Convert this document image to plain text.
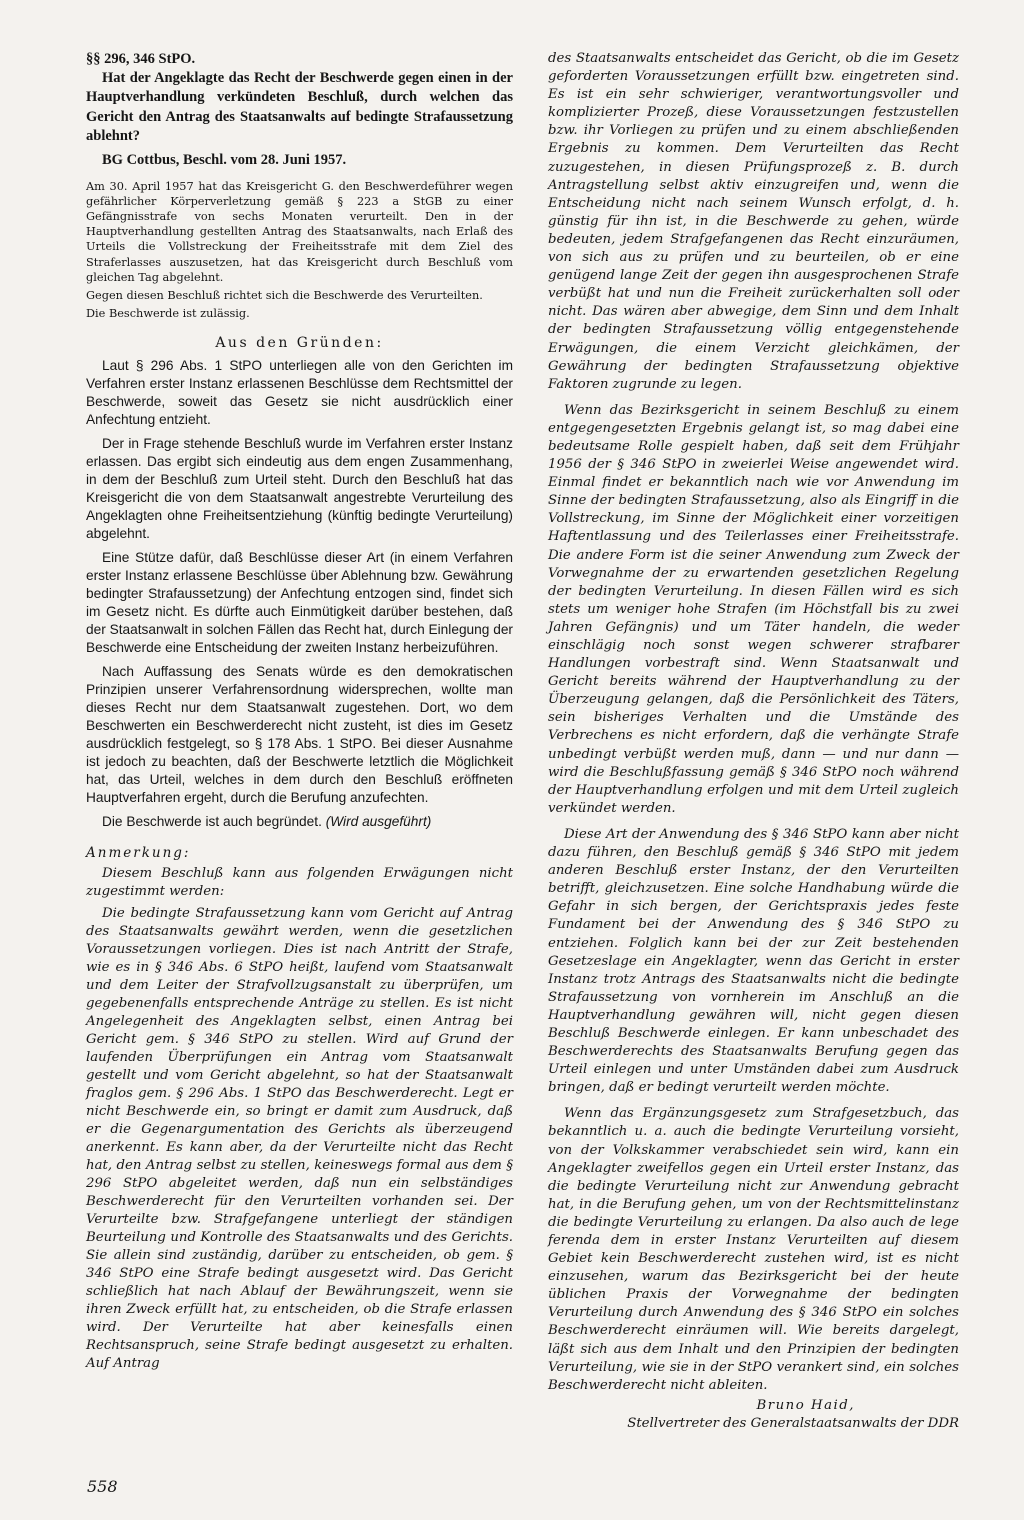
§§ 296, 346 StPO.

Hat der Angeklagte das Recht der Beschwerde gegen einen in der Hauptverhandlung verkündeten Beschluß, durch welchen das Gericht den Antrag des Staatsanwalts auf bedingte Strafaussetzung ablehnt?

BG Cottbus, Beschl. vom 28. Juni 1957.

Am 30. April 1957 hat das Kreisgericht G. den Beschwerdeführer wegen gefährlicher Körperverletzung gemäß § 223 a StGB zu einer Gefängnisstrafe von sechs Monaten verurteilt. Den in der Hauptverhandlung gestellten Antrag des Staatsanwalts, nach Erlaß des Urteils die Vollstreckung der Freiheitsstrafe mit dem Ziel des Straferlasses auszusetzen, hat das Kreisgericht durch Beschluß vom gleichen Tag abgelehnt.

Gegen diesen Beschluß richtet sich die Beschwerde des Verurteilten.

Die Beschwerde ist zulässig.

Aus den Gründen:

Laut § 296 Abs. 1 StPO unterliegen alle von den Gerichten im Verfahren erster Instanz erlassenen Beschlüsse dem Rechtsmittel der Beschwerde, soweit das Gesetz sie nicht ausdrücklich einer Anfechtung entzieht.

Der in Frage stehende Beschluß wurde im Verfahren erster Instanz erlassen. Das ergibt sich eindeutig aus dem engen Zusammenhang, in dem der Beschluß zum Urteil steht. Durch den Beschluß hat das Kreisgericht die von dem Staatsanwalt angestrebte Verurteilung des Angeklagten ohne Freiheitsentziehung (künftig bedingte Verurteilung) abgelehnt.

Eine Stütze dafür, daß Beschlüsse dieser Art (in einem Verfahren erster Instanz erlassene Beschlüsse über Ablehnung bzw. Gewährung bedingter Strafaussetzung) der Anfechtung entzogen sind, findet sich im Gesetz nicht. Es dürfte auch Einmütigkeit darüber bestehen, daß der Staatsanwalt in solchen Fällen das Recht hat, durch Einlegung der Beschwerde eine Entscheidung der zweiten Instanz herbeizuführen.

Nach Auffassung des Senats würde es den demokratischen Prinzipien unserer Verfahrensordnung widersprechen, wollte man dieses Recht nur dem Staatsanwalt zugestehen. Dort, wo dem Beschwerten ein Beschwerderecht nicht zusteht, ist dies im Gesetz ausdrücklich festgelegt, so § 178 Abs. 1 StPO. Bei dieser Ausnahme ist jedoch zu beachten, daß der Beschwerte letztlich die Möglichkeit hat, das Urteil, welches in dem durch den Beschluß eröffneten Hauptverfahren ergeht, durch die Berufung anzufechten.

Die Beschwerde ist auch begründet. (Wird ausgeführt)

Anmerkung:

Diesem Beschluß kann aus folgenden Erwägungen nicht zugestimmt werden:

Die bedingte Strafaussetzung kann vom Gericht auf Antrag des Staatsanwalts gewährt werden, wenn die gesetzlichen Voraussetzungen vorliegen. Dies ist nach Antritt der Strafe, wie es in § 346 Abs. 6 StPO heißt, laufend vom Staatsanwalt und dem Leiter der Strafvollzugsanstalt zu überprüfen, um gegebenenfalls entsprechende Anträge zu stellen. Es ist nicht Angelegenheit des Angeklagten selbst, einen Antrag bei Gericht gem. § 346 StPO zu stellen. Wird auf Grund der laufenden Überprüfungen ein Antrag vom Staatsanwalt gestellt und vom Gericht abgelehnt, so hat der Staatsanwalt fraglos gem. § 296 Abs. 1 StPO das Beschwerderecht. Legt er nicht Beschwerde ein, so bringt er damit zum Ausdruck, daß er die Gegenargumentation des Gerichts als überzeugend anerkennt. Es kann aber, da der Verurteilte nicht das Recht hat, den Antrag selbst zu stellen, keineswegs formal aus dem § 296 StPO abgeleitet werden, daß nun ein selbständiges Beschwerderecht für den Verurteilten vorhanden sei. Der Verurteilte bzw. Strafgefangene unterliegt der ständigen Beurteilung und Kontrolle des Staatsanwalts und des Gerichts. Sie allein sind zuständig, darüber zu entscheiden, ob gem. § 346 StPO eine Strafe bedingt ausgesetzt wird. Das Gericht schließlich hat nach Ablauf der Bewährungszeit, wenn sie ihren Zweck erfüllt hat, zu entscheiden, ob die Strafe erlassen wird. Der Verurteilte hat aber keinesfalls einen Rechtsanspruch, seine Strafe bedingt ausgesetzt zu erhalten. Auf Antrag

des Staatsanwalts entscheidet das Gericht, ob die im Gesetz geforderten Voraussetzungen erfüllt bzw. eingetreten sind. Es ist ein sehr schwieriger, verantwortungsvoller und komplizierter Prozeß, diese Voraussetzungen festzustellen bzw. ihr Vorliegen zu prüfen und zu einem abschließenden Ergebnis zu kommen. Dem Verurteilten das Recht zuzugestehen, in diesen Prüfungsprozeß z. B. durch Antragstellung selbst aktiv einzugreifen und, wenn die Entscheidung nicht nach seinem Wunsch erfolgt, d. h. günstig für ihn ist, in die Beschwerde zu gehen, würde bedeuten, jedem Strafgefangenen das Recht einzuräumen, von sich aus zu prüfen und zu beurteilen, ob er eine genügend lange Zeit der gegen ihn ausgesprochenen Strafe verbüßt hat und nun die Freiheit zurückerhalten soll oder nicht. Das wären aber abwegige, dem Sinn und dem Inhalt der bedingten Strafaussetzung völlig entgegenstehende Erwägungen, die einem Verzicht gleichkämen, der Gewährung der bedingten Strafaussetzung objektive Faktoren zugrunde zu legen.

Wenn das Bezirksgericht in seinem Beschluß zu einem entgegengesetzten Ergebnis gelangt ist, so mag dabei eine bedeutsame Rolle gespielt haben, daß seit dem Frühjahr 1956 der § 346 StPO in zweierlei Weise angewendet wird. Einmal findet er bekanntlich nach wie vor Anwendung im Sinne der bedingten Strafaussetzung, also als Eingriff in die Vollstreckung, im Sinne der Möglichkeit einer vorzeitigen Haftentlassung und des Teilerlasses einer Freiheitsstrafe. Die andere Form ist die seiner Anwendung zum Zweck der Vorwegnahme der zu erwartenden gesetzlichen Regelung der bedingten Verurteilung. In diesen Fällen wird es sich stets um weniger hohe Strafen (im Höchstfall bis zu zwei Jahren Gefängnis) und um Täter handeln, die weder einschlägig noch sonst wegen schwerer strafbarer Handlungen vorbestraft sind. Wenn Staatsanwalt und Gericht bereits während der Hauptverhandlung zu der Überzeugung gelangen, daß die Persönlichkeit des Täters, sein bisheriges Verhalten und die Umstände des Verbrechens es nicht erfordern, daß die verhängte Strafe unbedingt verbüßt werden muß, dann — und nur dann — wird die Beschlußfassung gemäß § 346 StPO noch während der Hauptverhandlung erfolgen und mit dem Urteil zugleich verkündet werden.

Diese Art der Anwendung des § 346 StPO kann aber nicht dazu führen, den Beschluß gemäß § 346 StPO mit jedem anderen Beschluß erster Instanz, der den Verurteilten betrifft, gleichzusetzen. Eine solche Handhabung würde die Gefahr in sich bergen, der Gerichtspraxis jedes feste Fundament bei der Anwendung des § 346 StPO zu entziehen. Folglich kann bei der zur Zeit bestehenden Gesetzeslage ein Angeklagter, wenn das Gericht in erster Instanz trotz Antrags des Staatsanwalts nicht die bedingte Strafaussetzung von vornherein im Anschluß an die Hauptverhandlung gewähren will, nicht gegen diesen Beschluß Beschwerde einlegen. Er kann unbeschadet des Beschwerderechts des Staatsanwalts Berufung gegen das Urteil einlegen und unter Umständen dabei zum Ausdruck bringen, daß er bedingt verurteilt werden möchte.

Wenn das Ergänzungsgesetz zum Strafgesetzbuch, das bekanntlich u. a. auch die bedingte Verurteilung vorsieht, von der Volkskammer verabschiedet sein wird, kann ein Angeklagter zweifellos gegen ein Urteil erster Instanz, das die bedingte Verurteilung nicht zur Anwendung gebracht hat, in die Berufung gehen, um von der Rechtsmittelinstanz die bedingte Verurteilung zu erlangen. Da also auch de lege ferenda dem in erster Instanz Verurteilten auf diesem Gebiet kein Beschwerderecht zustehen wird, ist es nicht einzusehen, warum das Bezirksgericht bei der heute üblichen Praxis der Vorwegnahme der bedingten Verurteilung durch Anwendung des § 346 StPO ein solches Beschwerderecht einräumen will. Wie bereits dargelegt, läßt sich aus dem Inhalt und den Prinzipien der bedingten Verurteilung, wie sie in der StPO verankert sind, ein solches Beschwerderecht nicht ableiten.

Bruno Haid,
Stellvertreter des Generalstaatsanwalts der DDR

558
